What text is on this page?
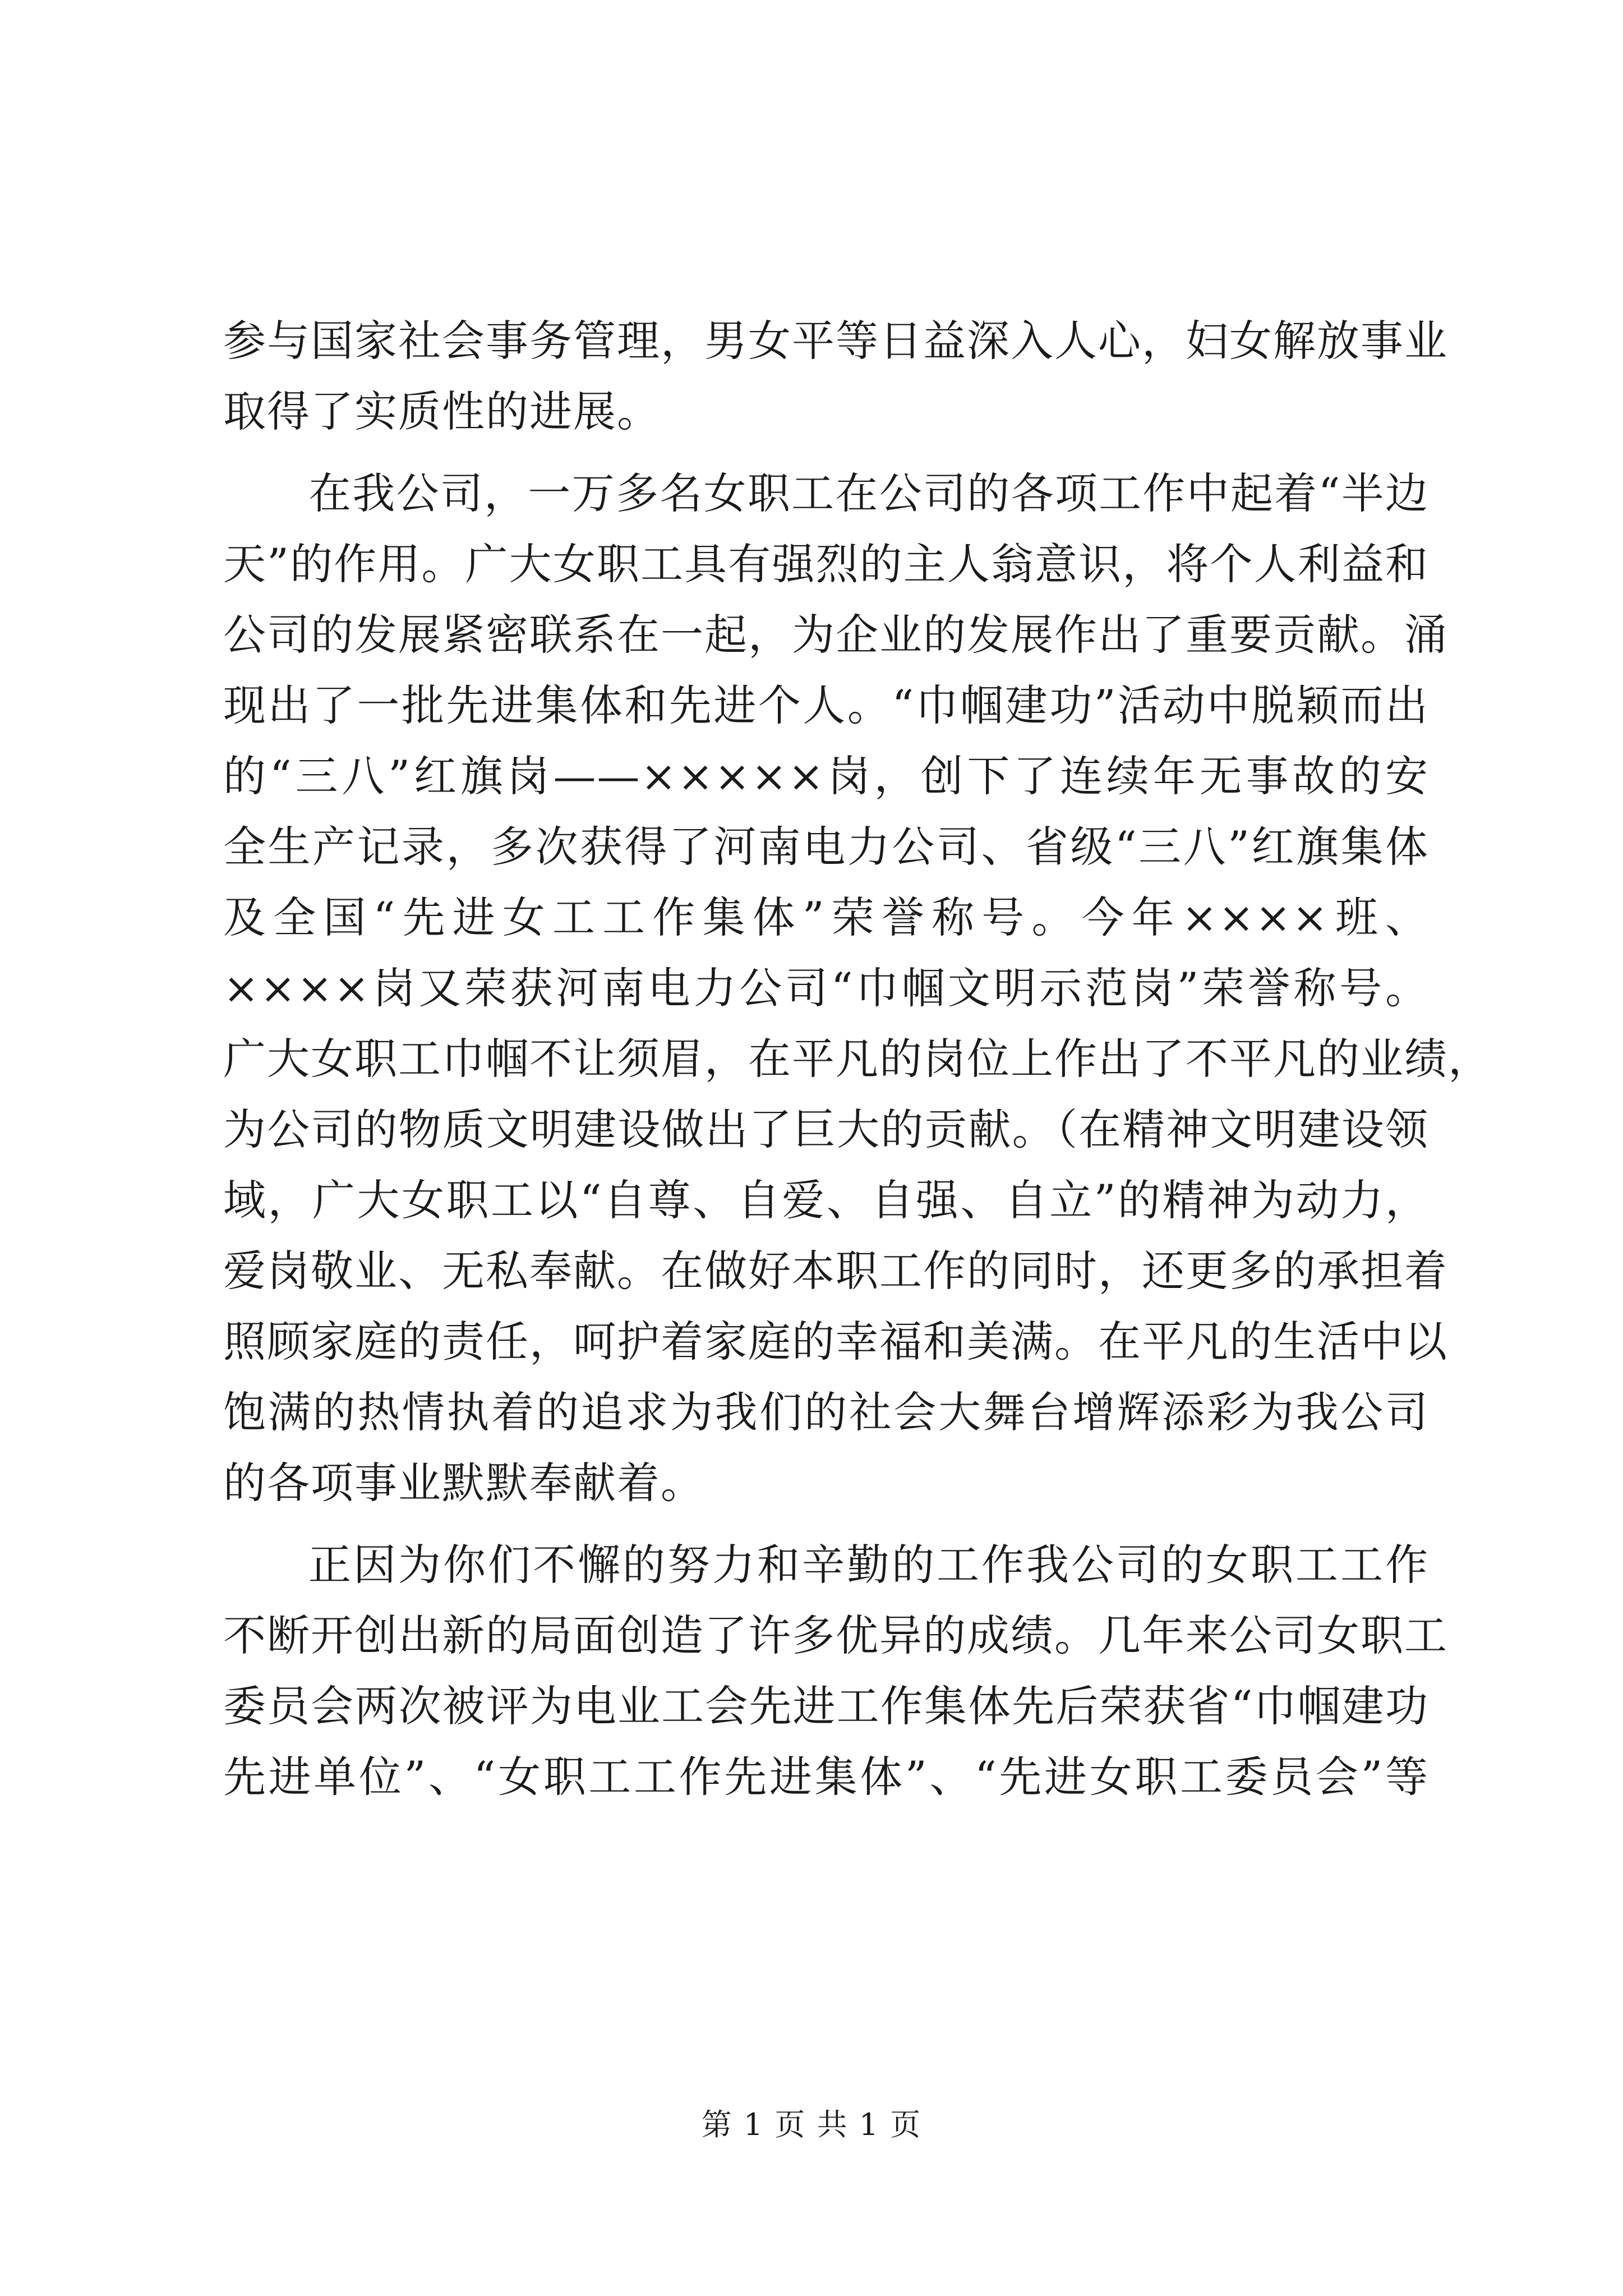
参与国家社会事务管理，男女平等日益深入人心，妇女解放事业
取得了实质性的进展。
在我公司，一万多名女职工在公司的各项工作中起着“半边
天”的作用。广大女职工具有强烈的主人翁意识，将个人利益和
公司的发展紧密联系在一起，为企业的发展作出了重要贡献。涌
现出了一批先进集体和先进个人。“巾帼建功”活动中脱颖而出
的“三八”红旗岗——×××××岗，创下了连续年无事故的安
全生产记录，多次获得了河南电力公司、省级“三八”红旗集体
及全国“先进女工工作集体”荣誉称号。今年××××班、
××××岗又荣获河南电力公司“巾帼文明示范岗”荣誉称号。
广大女职工巾帼不让须眉，在平凡的岗位上作出了不平凡的业绩，
为公司的物质文明建设做出了巨大的贡献。（在精神文明建设领
域，广大女职工以“自尊、自爱、自强、自立”的精神为动力，
爱岗敬业、无私奉献。在做好本职工作的同时，还更多的承担着
照顾家庭的责任，呵护着家庭的幸福和美满。在平凡的生活中以
饱满的热情执着的追求为我们的社会大舞台增辉添彩为我公司
的各项事业默默奉献着。
正因为你们不懈的努力和辛勤的工作我公司的女职工工作
不断开创出新的局面创造了许多优异的成绩。几年来公司女职工
委员会两次被评为电业工会先进工作集体先后荣获省“巾帼建功
先进单位”、“女职工工作先进集体”、“先进女职工委员会”等
第 1 页 共 1 页
